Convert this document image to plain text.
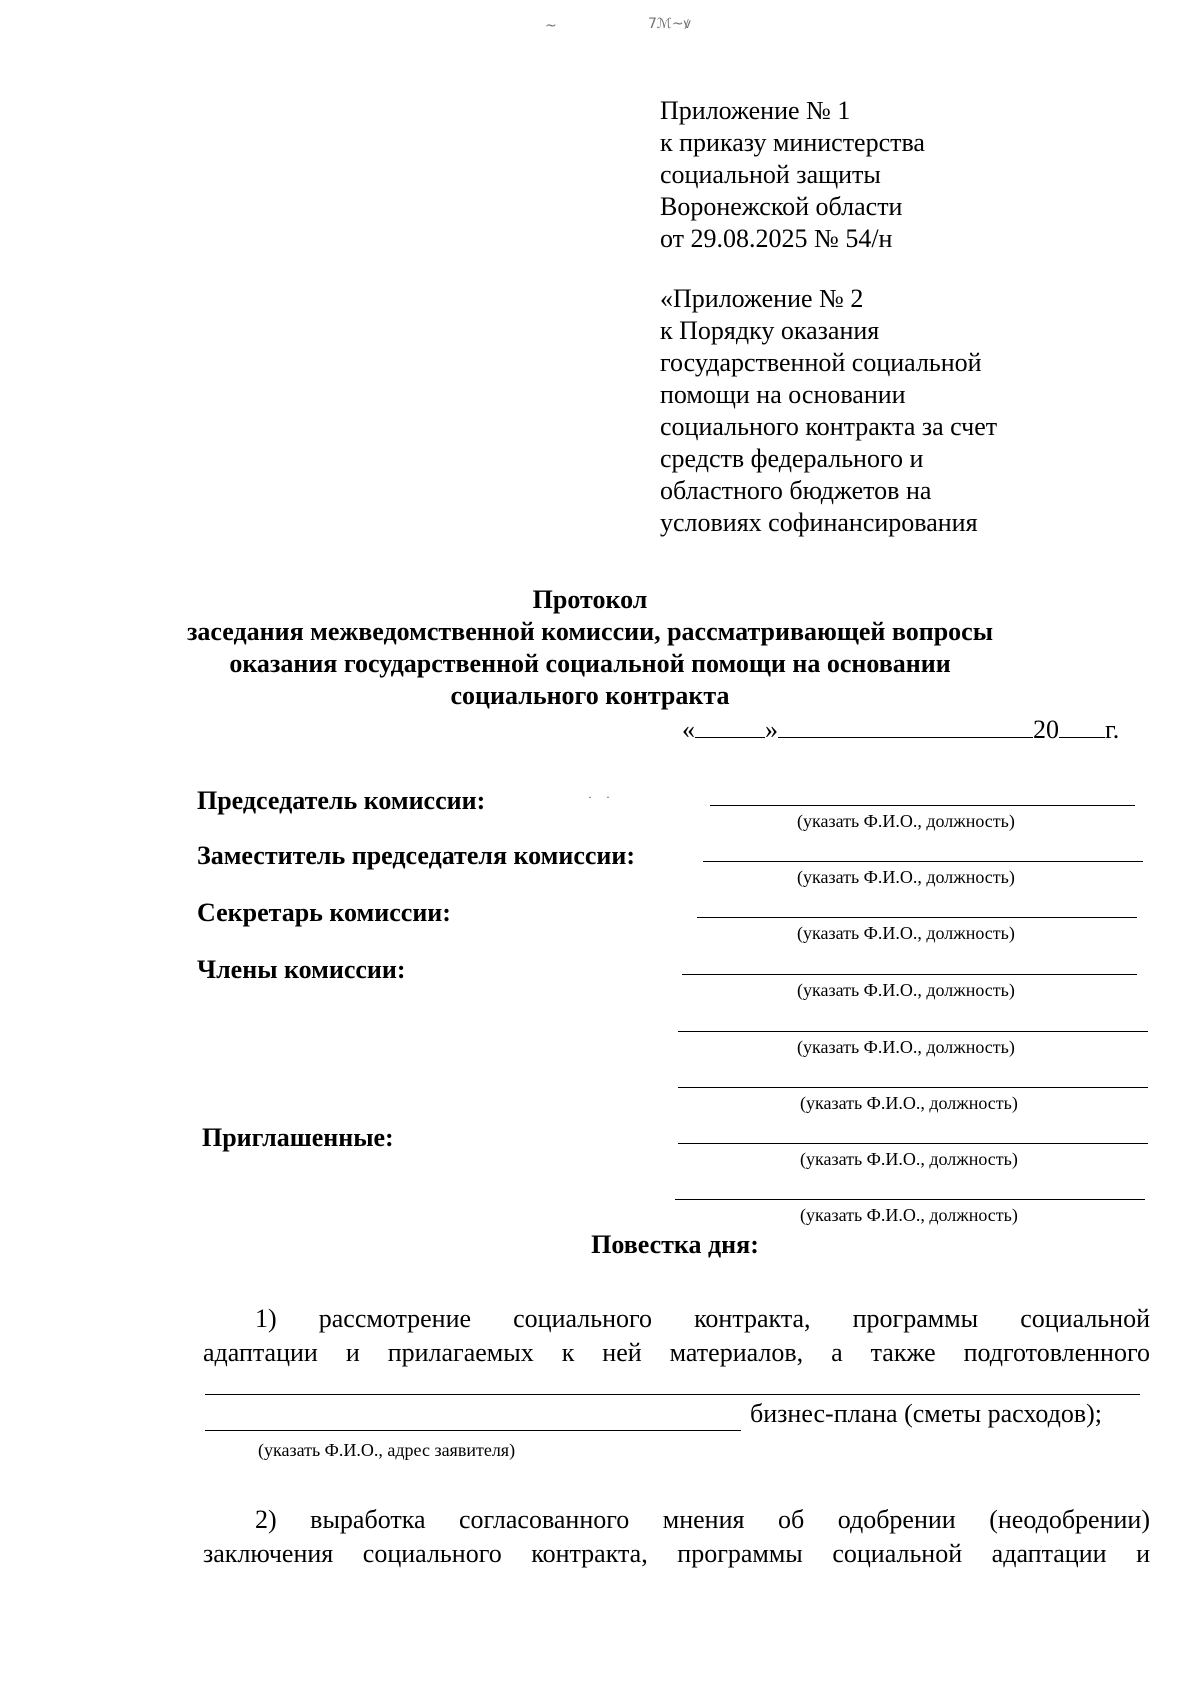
~	7ℳ~ꝟ
Приложение № 1
к приказу министерства
социальной защиты
Воронежской области
от 29.08.2025 № 54/н
«Приложение № 2
к Порядку оказания
государственной социальной
помощи на основании
социального контракта за счет
средств федерального и
областного бюджетов на
условиях софинансирования
Протокол
заседания межведомственной комиссии, рассматривающей вопросы
оказания государственной социальной помощи на основании
социального контракта
«	»	20 г.
··
Председатель комиссии:
(указать Ф.И.О., должность)
Заместитель председателя комиссии:
(указать Ф.И.О., должность)
Секретарь комиссии:
(указать Ф.И.О., должность)
Члены комиссии:
(указать Ф.И.О., должность)
(указать Ф.И.О., должность)
(указать Ф.И.О., должность)
Приглашенные:
(указать Ф.И.О., должность)
(указать Ф.И.О., должность)
Повестка дня:
1) рассмотрение социального контракта, программы социальной
адаптации и прилагаемых к ней материалов, а также подготовленного
бизнес-плана (сметы расходов);
(указать Ф.И.О., адрес заявителя)
2) выработка согласованного мнения об одобрении (неодобрении)
заключения социального контракта, программы социальной адаптации и
